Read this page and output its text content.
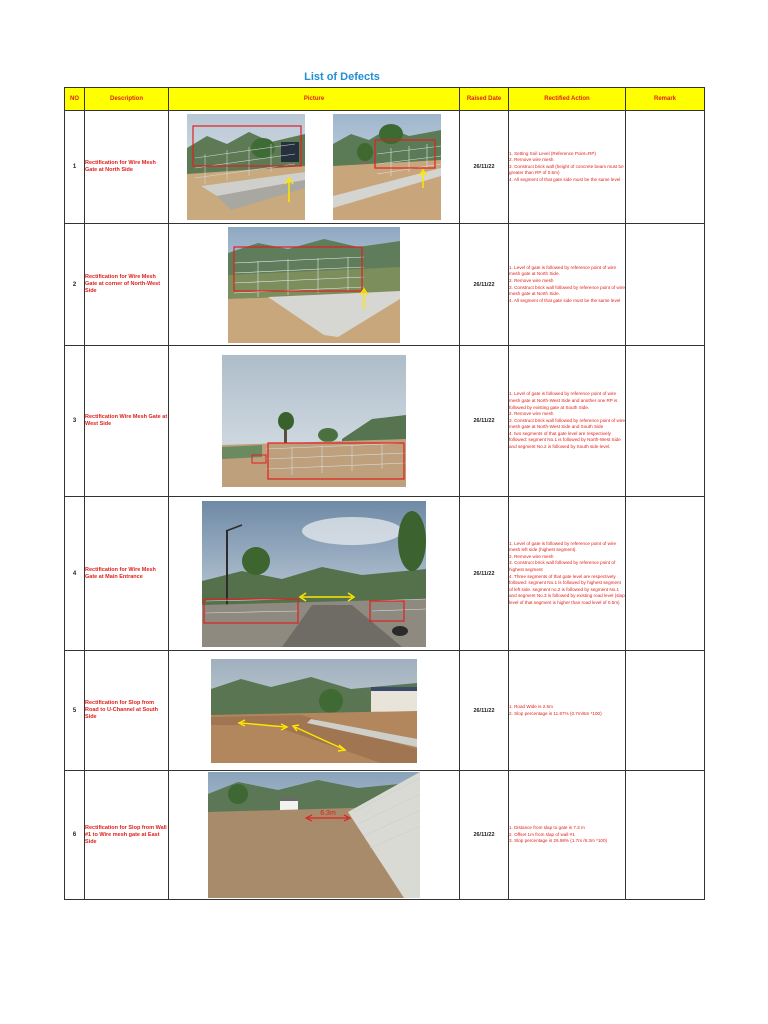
List of Defects
NO	Description	Picture	Raised Date	Rectified Action	Remark
1	Rectification for Wire Mesh Gate at North Side		26/11/22	1. Setting Soil Level (Reference Point=RP)
2. Remove wire mesh
3. Construct brick wall (height of concrete beam must be greater than RP of 0.5m)
4. All segment of that gate side must be the same level	

2	Rectification for Wire Mesh Gate at corner of North-West Side		26/11/22	1. Level of gate is followed by reference point of wire mesh gate at North Side.
2. Remove wire mesh
3. Construct brick wall followed by reference point of wire mesh gate at North Side.
4. All segment of that gate side must be the same level	

3	Rectification Wire Mesh Gate at West Side		26/11/22	1. Level of gate is followed by reference point of wire mesh gate at North-West Side and another one RP is followed by existing gate at South Side.
2. Remove wire mesh
3. Construct brick wall followed by reference point of wire mesh gate at North-West Side and South Side
4. two segments of that gate level are respectively followed: segment No.1 is followed by North-West Side and segment No.2 is followed by South side level.	

4	Rectification for Wire Mesh Gate at Main Entrance		26/11/22	1. Level of gate is followed by reference point of wire mesh left side (highest segment).
2. Remove wire mesh
3. Construct brick wall followed by reference point of highest segment
4. Three segments of that gate level are respectively followed: segment No.1 is followed by highest segment of left side. segment no.2 is followed by segment No.1 and segment No.3 is followed by existing road level (slap level of that segment is higher than road level of 0.5m)	

5	Rectification for Slop from Road to U-Channel at South Side		26/11/22	1. Road Wide is 2.5m
2. Slop percentage is 11.67% (0.7m/6m *100)	

6	Rectification for Slop from Wall #1 to Wire mesh gate at East Side	6.3m	26/11/22	1. Distance from slap to gate is 7.3 m
2. Offset 1m from slap of wall #1
3. Slop percentage is 26.98% (1.7m /6.3m *100)	
